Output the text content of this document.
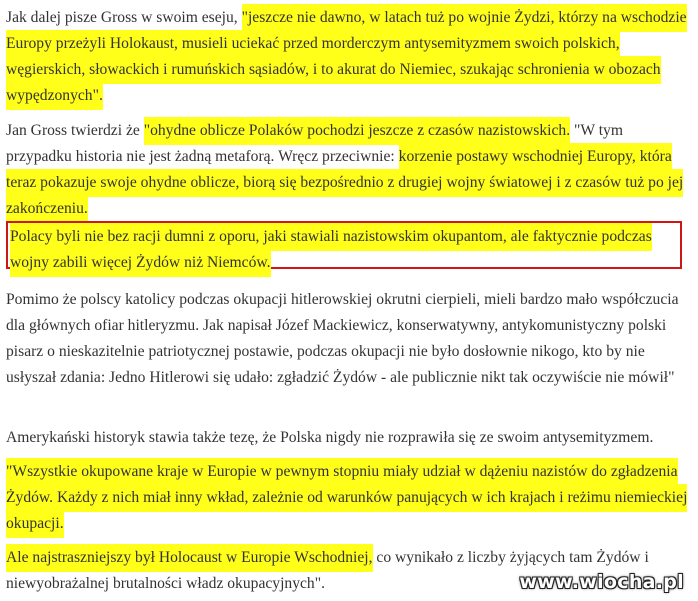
Jak dalej pisze Gross w swoim eseju, "jeszcze nie dawno, w latach tuż po wojnie Żydzi, którzy na wschodzie Europy przeżyli Holokaust, musieli uciekać przed morderczym antysemityzmem swoich polskich, węgierskich, słowackich i rumuńskich sąsiadów, i to akurat do Niemiec, szukając schronienia w obozach wypędzonych".

Jan Gross twierdzi że "ohydne oblicze Polaków pochodzi jeszcze z czasów nazistowskich. "W tym przypadku historia nie jest żadną metaforą. Wręcz przeciwnie: korzenie postawy wschodniej Europy, która teraz pokazuje swoje ohydne oblicze, biorą się bezpośrednio z drugiej wojny światowej i z czasów tuż po jej zakończeniu.

Polacy byli nie bez racji dumni z oporu, jaki stawiali nazistowskim okupantom, ale faktycznie podczas wojny zabili więcej Żydów niż Niemców.

Pomimo że polscy katolicy podczas okupacji hitlerowskiej okrutni cierpieli, mieli bardzo mało współczucia dla głównych ofiar hitleryzmu. Jak napisał Józef Mackiewicz, konserwatywny, antykomunistyczny polski pisarz o nieskazitelnie patriotycznej postawie, podczas okupacji nie było dosłownie nikogo, kto by nie usłyszał zdania: Jedno Hitlerowi się udało: zgładzić Żydów - ale publicznie nikt tak oczywiście nie mówił"

Amerykański historyk stawia także tezę, że Polska nigdy nie rozprawiła się ze swoim antysemityzmem.

"Wszystkie okupowane kraje w Europie w pewnym stopniu miały udział w dążeniu nazistów do zgładzenia Żydów. Każdy z nich miał inny wkład, zależnie od warunków panujących w ich krajach i reżimu niemieckiej okupacji.

Ale najstraszniejszy był Holocaust w Europie Wschodniej, co wynikało z liczby żyjących tam Żydów i niewyobrażalnej brutalności władz okupacyjnych".	www.wiocha.pl
